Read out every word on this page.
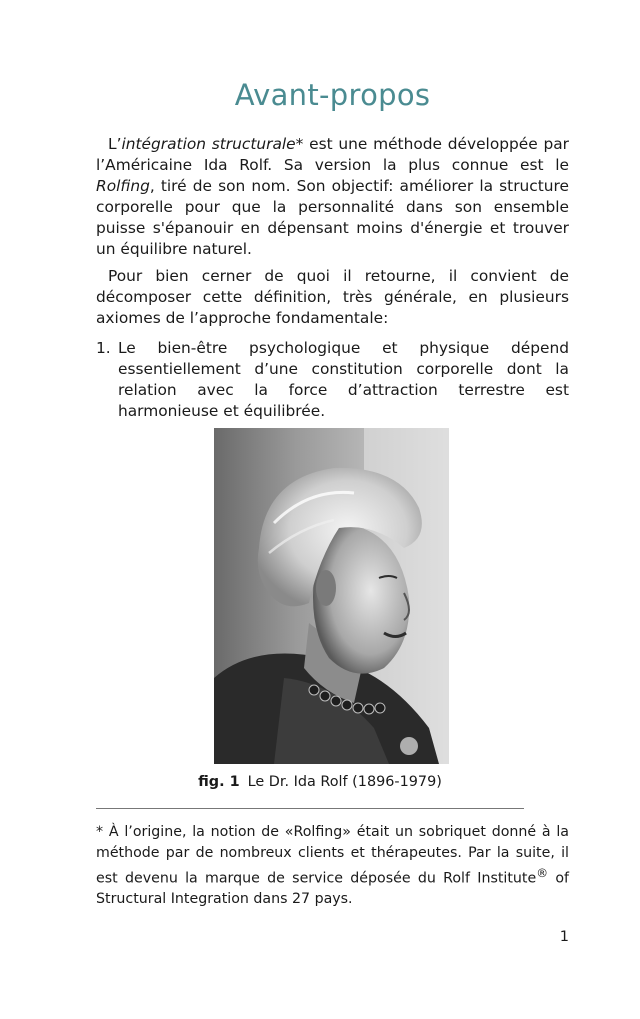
Avant-propos

L’intégration structurale* est une méthode développée par l’Américaine Ida Rolf. Sa version la plus connue est le Rolfing, tiré de son nom. Son objectif: améliorer la structure corporelle pour que la personnalité dans son ensemble puisse s'épanouir en dépensant moins d'énergie et trouver un équilibre naturel.

Pour bien cerner de quoi il retourne, il convient de décomposer cette définition, très générale, en plusieurs axiomes de l’approche fondamentale:

1. Le bien-être psychologique et physique dépend essentiellement d’une constitution corporelle dont la relation avec la force d’attraction terrestre est harmonieuse et équilibrée.
fig. 1 Le Dr. Ida Rolf (1896-1979)

* À l’origine, la notion de «Rolfing» était un sobriquet donné à la méthode par de nombreux clients et thérapeutes. Par la suite, il est devenu la marque de service déposée du Rolf Institute® of Structural Integration dans 27 pays.

1
